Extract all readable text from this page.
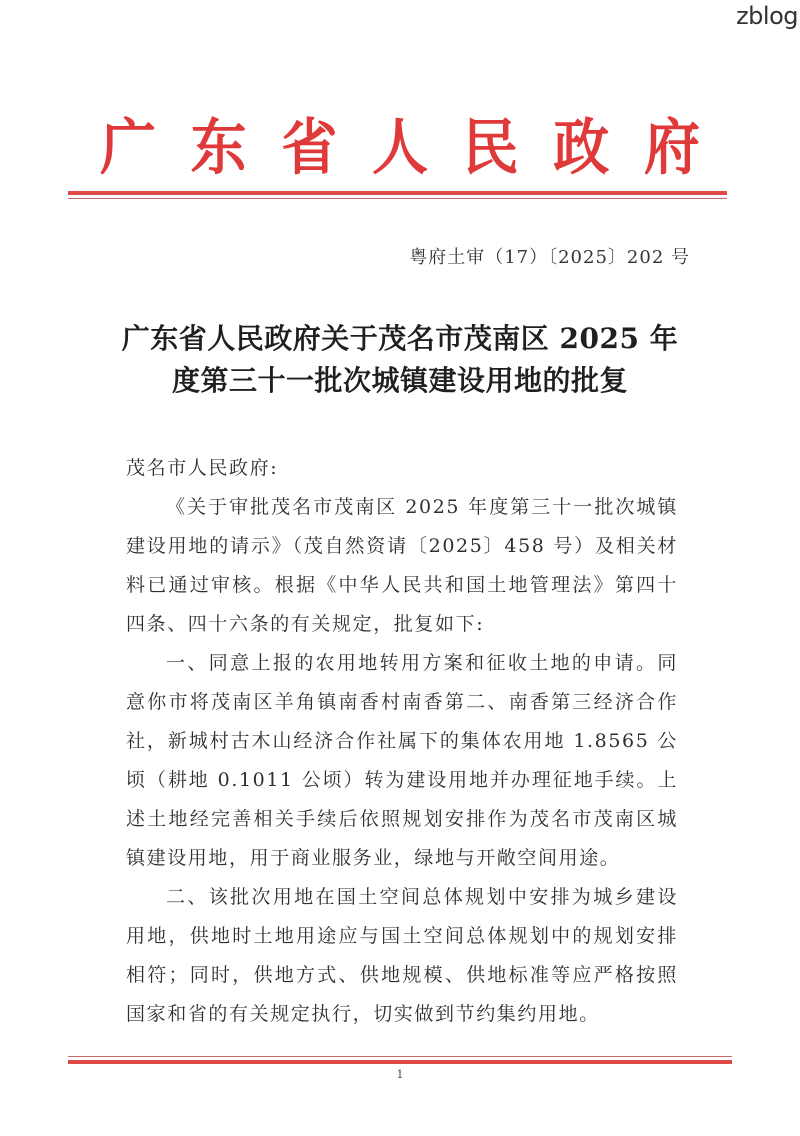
zblog
广 东 省 人 民 政 府
粤府土审（17）〔2025〕202 号
广东省人民政府关于茂名市茂南区 2025 年
度第三十一批次城镇建设用地的批复

茂名市人民政府:

《关于审批茂名市茂南区 2025 年度第三十一批次城镇建设用地的请示》（茂自然资请〔2025〕458 号）及相关材料已通过审核。根据《中华人民共和国土地管理法》第四十四条、四十六条的有关规定，批复如下:

一、同意上报的农用地转用方案和征收土地的申请。同意你市将茂南区羊角镇南香村南香第二、南香第三经济合作社，新城村古木山经济合作社属下的集体农用地 1.8565 公顷（耕地 0.1011 公顷）转为建设用地并办理征地手续。上述土地经完善相关手续后依照规划安排作为茂名市茂南区城镇建设用地，用于商业服务业，绿地与开敞空间用途。

二、该批次用地在国土空间总体规划中安排为城乡建设用地，供地时土地用途应与国土空间总体规划中的规划安排相符；同时，供地方式、供地规模、供地标准等应严格按照国家和省的有关规定执行，切实做到节约集约用地。

1
